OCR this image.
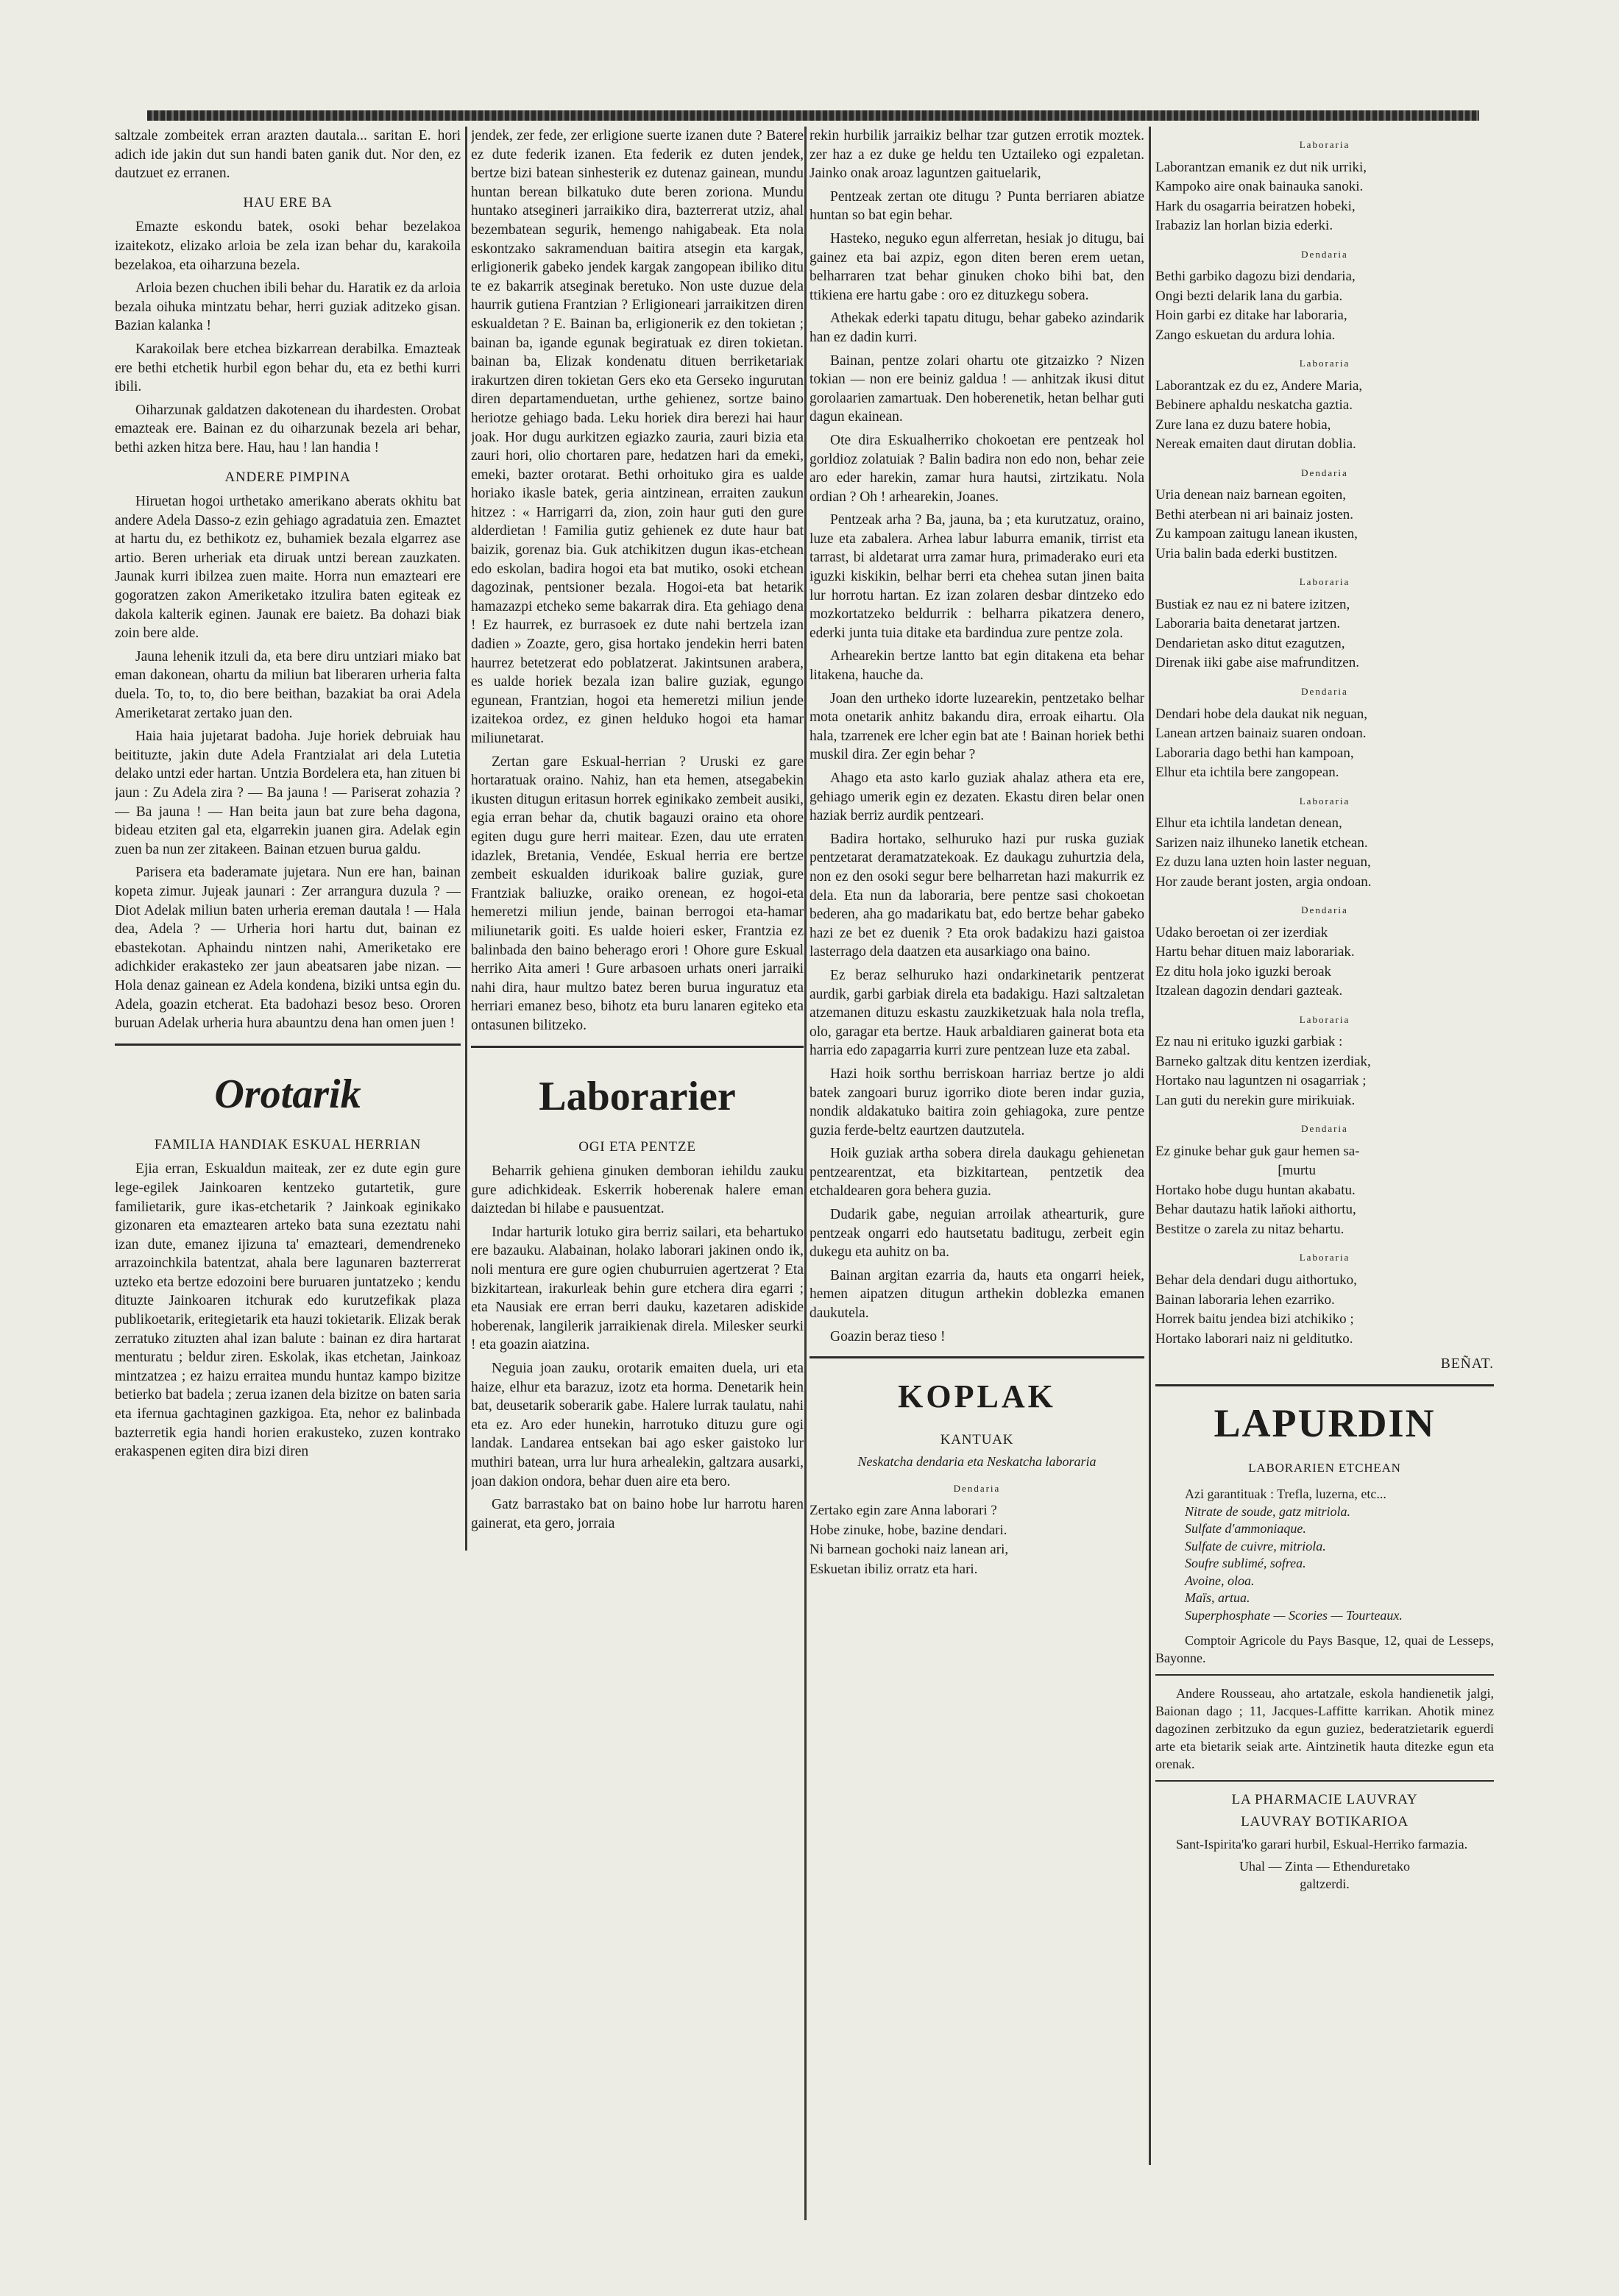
saltzale zombeitek erran arazten dautala... saritan E. hori adich ide jakin dut sun handi baten ganik dut. Nor den, ez dautzuet ez erranen.

HAU ERE BA

Emazte eskondu batek, osoki behar bezelakoa izaitekotz, elizako arloia be zela izan behar du, karakoila bezelakoa, eta oiharzuna bezela.

Arloia bezen chuchen ibili behar du. Haratik ez da arloia bezala oihuka mintzatu behar, herri guziak aditzeko gisan. Bazian kalanka !

Karakoilak bere etchea bizkarrean derabilka. Emazteak ere bethi etchetik hurbil egon behar du, eta ez bethi kurri ibili.

Oiharzunak galdatzen dakotenean du ihardesten. Orobat emazteak ere. Bainan ez du oiharzunak bezela ari behar, bethi azken hitza bere. Hau, hau ! lan handia !

ANDERE PIMPINA

Hiruetan hogoi urthetako amerikano aberats okhitu bat andere Adela Dasso-z ezin gehiago agradatuia zen. Emaztet at hartu du, ez bethikotz ez, buhamiek bezala elgarrez ase artio. Beren urheriak eta diruak untzi berean zauzkaten. Jaunak kurri ibilzea zuen maite. Horra nun emazteari ere gogoratzen zakon Ameriketako itzulira baten egiteak ez dakola kalterik eginen. Jaunak ere baietz. Ba dohazi biak zoin bere alde.

Jauna lehenik itzuli da, eta bere diru untziari miako bat eman dakonean, ohartu da miliun bat liberaren urheria falta duela. To, to, to, dio bere beithan, bazakiat ba orai Adela Ameriketarat zertako juan den.

Haia haia jujetarat badoha. Juje horiek debruiak hau beitituzte, jakin dute Adela Frantzialat ari dela Lutetia delako untzi eder hartan. Untzia Bordelera eta, han zituen bi jaun : Zu Adela zira ? — Ba jauna ! — Pariserat zohazia ? — Ba jauna ! — Han beita jaun bat zure beha dagona, bideau etziten gal eta, elgarrekin juanen gira. Adelak egin zuen ba nun zer zitakeen. Bainan etzuen burua galdu.

Parisera eta baderamate jujetara. Nun ere han, bainan kopeta zimur. Jujeak jaunari : Zer arrangura duzula ? — Diot Adelak miliun baten urheria ereman dautala ! — Hala dea, Adela ? — Urheria hori hartu dut, bainan ez ebastekotan. Aphaindu nintzen nahi, Ameriketako ere adichkider erakasteko zer jaun abeatsaren jabe nizan. — Hola denaz gainean ez Adela kondena, biziki untsa egin du. Adela, goazin etcherat. Eta badohazi besoz beso. Ororen buruan Adelak urheria hura abauntzu dena han omen juen !

Orotarik
FAMILIA HANDIAK ESKUAL HERRIAN

Ejia erran, Eskualdun maiteak, zer ez dute egin gure lege-egilek Jainkoaren kentzeko gutartetik, gure familietarik, gure ikas-etchetarik ? Jainkoak eginikako gizonaren eta emaztearen arteko bata suna ezeztatu nahi izan dute, emanez ijizuna ta' emazteari, demendreneko arrazoinchkila batentzat, ahala bere lagunaren bazterrerat uzteko eta bertze edozoini bere buruaren juntatzeko ; kendu dituzte Jainkoaren itchurak edo kurutzefikak plaza publikoetarik, eritegietarik eta hauzi tokietarik. Elizak berak zerratuko zituzten ahal izan balute : bainan ez dira hartarat menturatu ; beldur ziren. Eskolak, ikas etchetan, Jainkoaz mintzatzea ; ez haizu erraitea mundu huntaz kampo bizitze betierko bat badela ; zerua izanen dela bizitze on baten saria eta ifernua gachtaginen gazkigoa. Eta, nehor ez balinbada bazterretik egia handi horien erakusteko, zuzen kontrako erakaspenen egiten dira bizi diren

jendek, zer fede, zer erligione suerte izanen dute ? Batere ez dute federik izanen. Eta federik ez duten jendek, bertze bizi batean sinhesterik ez dutenaz gainean, mundu huntan berean bilkatuko dute beren zoriona. Mundu huntako atsegineri jarraikiko dira, bazterrerat utziz, ahal bezembatean segurik, hemengo nahigabeak. Eta nola eskontzako sakramenduan baitira atsegin eta kargak, erligionerik gabeko jendek kargak zangopean ibiliko ditu te ez bakarrik atseginak beretuko. Non uste duzue dela haurrik gutiena Frantzian ? Erligioneari jarraikitzen diren eskualdetan ? E. Bainan ba, erligionerik ez den tokietan ; bainan ba, igande egunak begiratuak ez diren tokietan. bainan ba, Elizak kondenatu dituen berriketariak irakurtzen diren tokietan Gers eko eta Gerseko ingurutan diren departamenduetan, urthe gehienez, sortze baino heriotze gehiago bada. Leku horiek dira berezi hai haur joak. Hor dugu aurkitzen egiazko zauria, zauri bizia eta zauri hori, olio chortaren pare, hedatzen hari da emeki, emeki, bazter orotarat. Bethi orhoituko gira es ualde horiako ikasle batek, geria aintzinean, erraiten zaukun hitzez : « Harrigarri da, zion, zoin haur guti den gure alderdietan ! Familia gutiz gehienek ez dute haur bat baizik, gorenaz bia. Guk atchikitzen dugun ikas-etchean edo eskolan, badira hogoi eta bat mutiko, osoki etchean dagozinak, pentsioner bezala. Hogoi-eta bat hetarik hamazazpi etcheko seme bakarrak dira. Eta gehiago dena ! Ez haurrek, ez burrasoek ez dute nahi bertzela izan dadien » Zoazte, gero, gisa hortako jendekin herri baten haurrez betetzerat edo poblatzerat. Jakintsunen arabera, es ualde horiek bezala izan balire guziak, egungo egunean, Frantzian, hogoi eta hemeretzi miliun jende izaitekoa ordez, ez ginen helduko hogoi eta hamar miliunetarat.

Zertan gare Eskual-herrian ? Uruski ez gare hortaratuak oraino. Nahiz, han eta hemen, atsegabekin ikusten ditugun eritasun horrek eginikako zembeit ausiki, egia erran behar da, chutik bagauzi oraino eta ohore egiten dugu gure herri maitear. Ezen, dau ute erraten idazlek, Bretania, Vendée, Eskual herria ere bertze zembeit eskualden idurikoak balire guziak, gure Frantziak baliuzke, oraiko orenean, ez hogoi-eta hemeretzi miliun jende, bainan berrogoi eta-hamar miliunetarik goiti. Es ualde hoieri esker, Frantzia ez balinbada den baino beherago erori ! Ohore gure Eskual herriko Aita ameri ! Gure arbasoen urhats oneri jarraiki nahi dira, haur multzo batez beren burua inguratuz eta herriari emanez beso, bihotz eta buru lanaren egiteko eta ontasunen bilitzeko.

Laborarier
OGI ETA PENTZE

Beharrik gehiena ginuken demboran iehildu zauku gure adichkideak. Eskerrik hoberenak halere eman daiztedan bi hilabe e pausuentzat.

Indar harturik lotuko gira berriz sailari, eta behartuko ere bazauku. Alabainan, holako laborari jakinen ondo ik, noli mentura ere gure ogien chuburruien agertzerat ? Eta bizkitartean, irakurleak behin gure etchera dira egarri ; eta Nausiak ere erran berri dauku, kazetaren adiskide hoberenak, langilerik jarraikienak direla. Milesker seurki ! eta goazin aiatzina.

Neguia joan zauku, orotarik emaiten duela, uri eta haize, elhur eta barazuz, izotz eta horma. Denetarik hein bat, deusetarik soberarik gabe. Halere lurrak taulatu, nahi eta ez. Aro eder hunekin, harrotuko dituzu gure ogi landak. Landarea entsekan bai ago esker gaistoko lur muthiri batean, urra lur hura arhealekin, galtzara ausarki, joan dakion ondora, behar duen aire eta bero.

Gatz barrastako bat on baino hobe lur harrotu haren gainerat, eta gero, jorraia

rekin hurbilik jarraikiz belhar tzar gutzen errotik moztek. zer haz a ez duke ge heldu ten Uztaileko ogi ezpaletan. Jainko onak aroaz laguntzen gaituelarik,

Pentzeak zertan ote ditugu ? Punta berriaren abiatze huntan so bat egin behar.

Hasteko, neguko egun alferretan, hesiak jo ditugu, bai gainez eta bai azpiz, egon diten beren erem uetan, belharraren tzat behar ginuken choko bihi bat, den ttikiena ere hartu gabe : oro ez dituzkegu sobera.

Athekak ederki tapatu ditugu, behar gabeko azindarik han ez dadin kurri.

Bainan, pentze zolari ohartu ote gitzaizko ? Nizen tokian — non ere beiniz galdua ! — anhitzak ikusi ditut gorolaarien zamartuak. Den hoberenetik, hetan belhar guti dagun ekainean.

Ote dira Eskualherriko chokoetan ere pentzeak hol gorldioz zolatuiak ? Balin badira non edo non, behar zeie aro eder harekin, zamar hura hautsi, zirtzikatu. Nola ordian ? Oh ! arhearekin, Joanes.

Pentzeak arha ? Ba, jauna, ba ; eta kurutzatuz, oraino, luze eta zabalera. Arhea labur laburra emanik, tirrist eta tarrast, bi aldetarat urra zamar hura, primaderako euri eta iguzki kiskikin, belhar berri eta chehea sutan jinen baita lur horrotu hartan. Ez izan zolaren desbar dintzeko edo mozkortatzeko beldurrik : belharra pikatzera denero, ederki junta tuia ditake eta bardindua zure pentze zola.

Arhearekin bertze lantto bat egin ditakena eta behar litakena, hauche da.

Joan den urtheko idorte luzearekin, pentzetako belhar mota onetarik anhitz bakandu dira, erroak eihartu. Ola hala, tzarrenek ere lcher egin bat ate ! Bainan horiek bethi muskil dira. Zer egin behar ?

Ahago eta asto karlo guziak ahalaz athera eta ere, gehiago umerik egin ez dezaten. Ekastu diren belar onen haziak berriz aurdik pentzeari.

Badira hortako, selhuruko hazi pur ruska guziak pentzetarat deramatzatekoak. Ez daukagu zuhurtzia dela, non ez den osoki segur bere belharretan hazi makurrik ez dela. Eta nun da laboraria, bere pentze sasi chokoetan bederen, aha go madarikatu bat, edo bertze behar gabeko hazi ze bet ez duenik ? Eta orok badakizu hazi gaistoa lasterrago dela daatzen eta ausarkiago ona baino.

Ez beraz selhuruko hazi ondarkinetarik pentzerat aurdik, garbi garbiak direla eta badakigu. Hazi saltzaletan atzemanen dituzu eskastu zauzkiketzuak hala nola trefla, olo, garagar eta bertze. Hauk arbaldiaren gainerat bota eta harria edo zapagarria kurri zure pentzean luze eta zabal.

Hazi hoik sorthu berriskoan harriaz bertze jo aldi batek zangoari buruz igorriko diote beren indar guzia, nondik aldakatuko baitira zoin gehiagoka, zure pentze guzia ferde-beltz eaurtzen dautzutela.

Hoik guziak artha sobera direla daukagu gehienetan pentzearentzat, eta bizkitartean, pentzetik dea etchaldearen gora behera guzia.

Dudarik gabe, neguian arroilak athearturik, gure pentzeak ongarri edo hautsetatu baditugu, zerbeit egin dukegu eta auhitz on ba.

Bainan argitan ezarria da, hauts eta ongarri heiek, hemen aipatzen ditugun arthekin doblezka emanen daukutela.

Goazin beraz tieso !

KOPLAK
KANTUAK
Neskatcha dendaria eta Neskatcha laboraria
Dendaria
Zertako egin zare Anna laborari ?
Hobe zinuke, hobe, bazine dendari.
Ni barnean gochoki naiz lanean ari,
Eskuetan ibiliz orratz eta hari.
Laboraria
Laborantzan emanik ez dut nik urriki,
Kampoko aire onak bainauka sanoki.
Hark du osagarria beiratzen hobeki,
Irabaziz lan horlan bizia ederki.
Dendaria
Bethi garbiko dagozu bizi dendaria,
Ongi bezti delarik lana du garbia.
Hoin garbi ez ditake har laboraria,
Zango eskuetan du ardura lohia.
Laboraria
Laborantzak ez du ez, Andere Maria,
Bebinere aphaldu neskatcha gaztia.
Zure lana ez duzu batere hobia,
Nereak emaiten daut dirutan doblia.
Dendaria
Uria denean naiz barnean egoiten,
Bethi aterbean ni ari bainaiz josten.
Zu kampoan zaitugu lanean ikusten,
Uria balin bada ederki bustitzen.
Laboraria
Bustiak ez nau ez ni batere izitzen,
Laboraria baita denetarat jartzen.
Dendarietan asko ditut ezagutzen,
Direnak iiki gabe aise mafrunditzen.
Dendaria
Dendari hobe dela daukat nik neguan,
Lanean artzen bainaiz suaren ondoan.
Laboraria dago bethi han kampoan,
Elhur eta ichtila bere zangopean.
Laboraria
Elhur eta ichtila landetan denean,
Sarizen naiz ilhuneko lanetik etchean.
Ez duzu lana uzten hoin laster neguan,
Hor zaude berant josten, argia ondoan.
Dendaria
Udako beroetan oi zer izerdiak
Hartu behar dituen maiz laborariak.
Ez ditu hola joko iguzki beroak
Itzalean dagozin dendari gazteak.
Laboraria
Ez nau ni erituko iguzki garbiak :
Barneko galtzak ditu kentzen izerdiak,
Hortako nau laguntzen ni osagarriak ;
Lan guti du nerekin gure mirikuiak.
Dendaria
Ez ginuke behar guk gaur hemen sa-
[murtu
Hortako hobe dugu huntan akabatu.
Behar dautazu hatik laňoki aithortu,
Bestitze o zarela zu nitaz behartu.
Laboraria
Behar dela dendari dugu aithortuko,
Bainan laboraria lehen ezarriko.
Horrek baitu jendea bizi atchikiko ;
Hortako laborari naiz ni gelditutko.
BEÑAT.
LAPURDIN
LABORARIEN ETCHEAN
Azi garantituak : Trefla, luzerna, etc...
Nitrate de soude, gatz mitriola.
Sulfate d'ammoniaque.
Sulfate de cuivre, mitriola.
Soufre sublimé, sofrea.
Avoine, oloa.
Maïs, artua.
Superphosphate — Scories — Tourteaux.

Comptoir Agricole du Pays Basque, 12, quai de Lesseps, Bayonne.

Andere Rousseau, aho artatzale, eskola handienetik jalgi, Baionan dago ; 11, Jacques-Laffitte karrikan. Ahotik minez dagozinen zerbitzuko da egun guziez, bederatzietarik eguerdi arte eta bietarik seiak arte. Aintzinetik hauta ditezke egun eta orenak.

LA PHARMACIE LAUVRAY
LAUVRAY BOTIKARIOA

Sant-Ispirita'ko garari hurbil, Eskual-Herriko farmazia.

Uhal — Zinta — Ethenduretako
galtzerdi.
